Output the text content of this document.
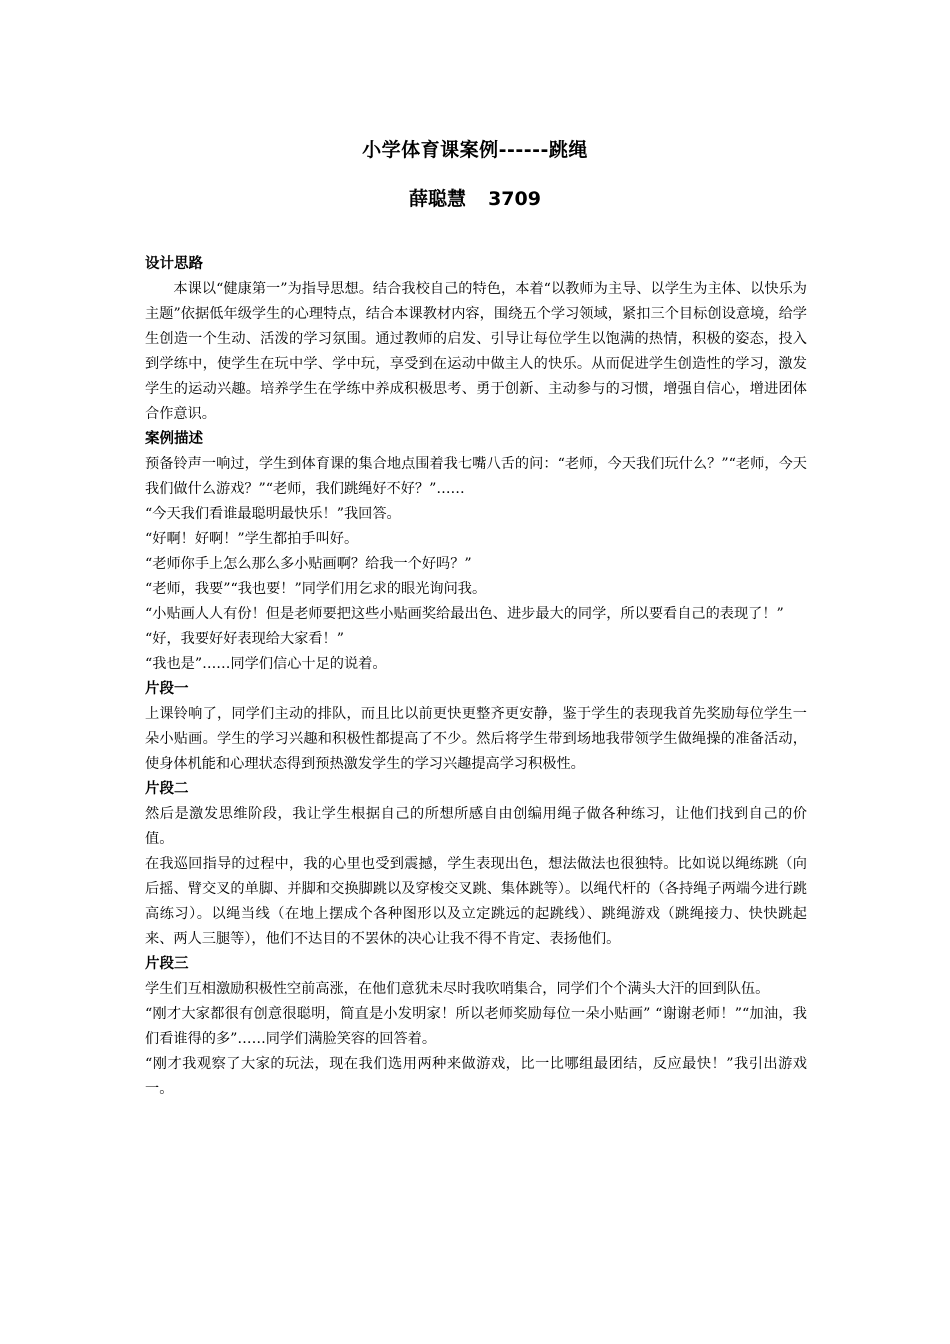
小学体育课案例------跳绳
薛聪慧 3709
设计思路

本课以“健康第一”为指导思想。结合我校自己的特色，本着“以教师为主导、以学生为主体、以快乐为主题”依据低年级学生的心理特点，结合本课教材内容，围绕五个学习领域，紧扣三个目标创设意境，给学生创造一个生动、活泼的学习氛围。通过教师的启发、引导让每位学生以饱满的热情，积极的姿态，投入到学练中，使学生在玩中学、学中玩，享受到在运动中做主人的快乐。从而促进学生创造性的学习，激发学生的运动兴趣。培养学生在学练中养成积极思考、勇于创新、主动参与的习惯，增强自信心，增进团体合作意识。

案例描述

预备铃声一响过，学生到体育课的集合地点围着我七嘴八舌的问：“老师，今天我们玩什么？”“老师，今天我们做什么游戏？”“老师，我们跳绳好不好？”……

“今天我们看谁最聪明最快乐！”我回答。

“好啊！好啊！”学生都拍手叫好。

“老师你手上怎么那么多小贴画啊？给我一个好吗？”

“老师，我要”“我也要！”同学们用乞求的眼光询问我。

“小贴画人人有份！但是老师要把这些小贴画奖给最出色、进步最大的同学，所以要看自己的表现了！”

“好，我要好好表现给大家看！”

“我也是”……同学们信心十足的说着。

片段一

上课铃响了，同学们主动的排队，而且比以前更快更整齐更安静，鉴于学生的表现我首先奖励每位学生一朵小贴画。学生的学习兴趣和积极性都提高了不少。然后将学生带到场地我带领学生做绳操的准备活动，使身体机能和心理状态得到预热激发学生的学习兴趣提高学习积极性。

片段二

然后是激发思维阶段，我让学生根据自己的所想所感自由创编用绳子做各种练习，让他们找到自己的价值。

在我巡回指导的过程中，我的心里也受到震撼，学生表现出色，想法做法也很独特。比如说以绳练跳（向后摇、臂交叉的单脚、并脚和交换脚跳以及穿梭交叉跳、集体跳等）。以绳代杆的（各持绳子两端今进行跳高练习）。以绳当线（在地上摆成个各种图形以及立定跳远的起跳线）、跳绳游戏（跳绳接力、快快跳起来、两人三腿等），他们不达目的不罢休的决心让我不得不肯定、表扬他们。

片段三

学生们互相激励积极性空前高涨，在他们意犹未尽时我吹哨集合，同学们个个满头大汗的回到队伍。

“刚才大家都很有创意很聪明，简直是小发明家！所以老师奖励每位一朵小贴画” “谢谢老师！”“加油，我们看谁得的多”……同学们满脸笑容的回答着。

“刚才我观察了大家的玩法，现在我们选用两种来做游戏，比一比哪组最团结，反应最快！”我引出游戏一。
